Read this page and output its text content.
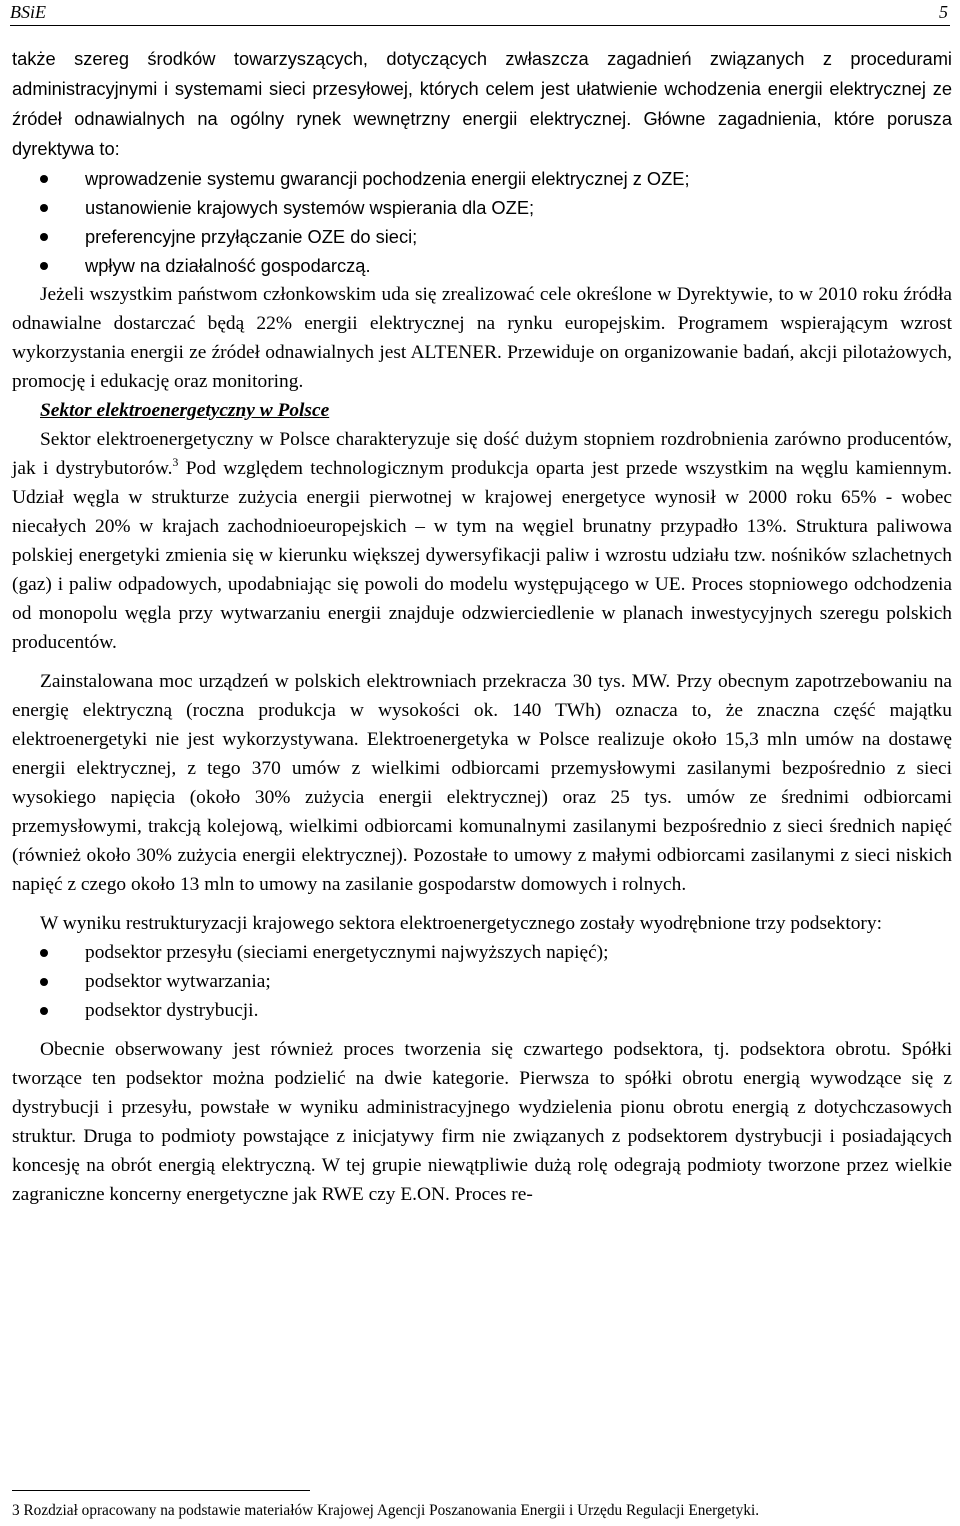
BSiE	5

także szereg środków towarzyszących, dotyczących zwłaszcza zagadnień związanych z procedurami administracyjnymi i systemami sieci przesyłowej, których celem jest ułatwienie wchodzenia energii elektrycznej ze źródeł odnawialnych na ogólny rynek wewnętrzny energii elektrycznej. Główne zagadnienia, które porusza dyrektywa to:

wprowadzenie systemu gwarancji pochodzenia energii elektrycznej z OZE;
ustanowienie krajowych systemów wspierania dla OZE;
preferencyjne przyłączanie OZE do sieci;
wpływ na działalność gospodarczą.

Jeżeli wszystkim państwom członkowskim uda się zrealizować cele określone w Dyrektywie, to w 2010 roku źródła odnawialne dostarczać będą 22% energii elektrycznej na rynku europejskim. Programem wspierającym wzrost wykorzystania energii ze źródeł odnawialnych jest ALTENER. Przewiduje on organizowanie badań, akcji pilotażowych, promocję i edukację oraz monitoring.

Sektor elektroenergetyczny w Polsce

Sektor elektroenergetyczny w Polsce charakteryzuje się dość dużym stopniem rozdrobnienia zarówno producentów, jak i dystrybutorów.$^3$ Pod względem technologicznym produkcja oparta jest przede wszystkim na węglu kamiennym. Udział węgla w strukturze zużycia energii pierwotnej w krajowej energetyce wynosił w 2000 roku 65% - wobec niecałych 20% w krajach zachodnioeuropejskich – w tym na węgiel brunatny przypadło 13%. Struktura paliwowa polskiej energetyki zmienia się w kierunku większej dywersyfikacji paliw i wzrostu udziału tzw. nośników szlachetnych (gaz) i paliw odpadowych, upodabniając się powoli do modelu występującego w UE. Proces stopniowego odchodzenia od monopolu węgla przy wytwarzaniu energii znajduje odzwierciedlenie w planach inwestycyjnych szeregu polskich producentów.

Zainstalowana moc urządzeń w polskich elektrowniach przekracza 30 tys. MW. Przy obecnym zapotrzebowaniu na energię elektryczną (roczna produkcja w wysokości ok. 140 TWh) oznacza to, że znaczna część majątku elektroenergetyki nie jest wykorzystywana. Elektroenergetyka w Polsce realizuje około 15,3 mln umów na dostawę energii elektrycznej, z tego 370 umów z wielkimi odbiorcami przemysłowymi zasilanymi bezpośrednio z sieci wysokiego napięcia (około 30% zużycia energii elektrycznej) oraz 25 tys. umów ze średnimi odbiorcami przemysłowymi, trakcją kolejową, wielkimi odbiorcami komunalnymi zasilanymi bezpośrednio z sieci średnich napięć (również około 30% zużycia energii elektrycznej). Pozostałe to umowy z małymi odbiorcami zasilanymi z sieci niskich napięć z czego około 13 mln to umowy na zasilanie gospodarstw domowych i rolnych.

W wyniku restrukturyzacji krajowego sektora elektroenergetycznego zostały wyodrębnione trzy podsektory:

podsektor przesyłu (sieciami energetycznymi najwyższych napięć);
podsektor wytwarzania;
podsektor dystrybucji.

Obecnie obserwowany jest również proces tworzenia się czwartego podsektora, tj. podsektora obrotu. Spółki tworzące ten podsektor można podzielić na dwie kategorie. Pierwsza to spółki obrotu energią wywodzące się z dystrybucji i przesyłu, powstałe w wyniku administracyjnego wydzielenia pionu obrotu energią z dotychczasowych struktur. Druga to podmioty powstające z inicjatywy firm nie związanych z podsektorem dystrybucji i posiadających koncesję na obrót energią elektryczną. W tej grupie niewątpliwie dużą rolę odegrają podmioty tworzone przez wielkie zagraniczne koncerny energetyczne jak RWE czy E.ON. Proces re-

3 Rozdział opracowany na podstawie materiałów Krajowej Agencji Poszanowania Energii i Urzędu Regulacji Energetyki.
